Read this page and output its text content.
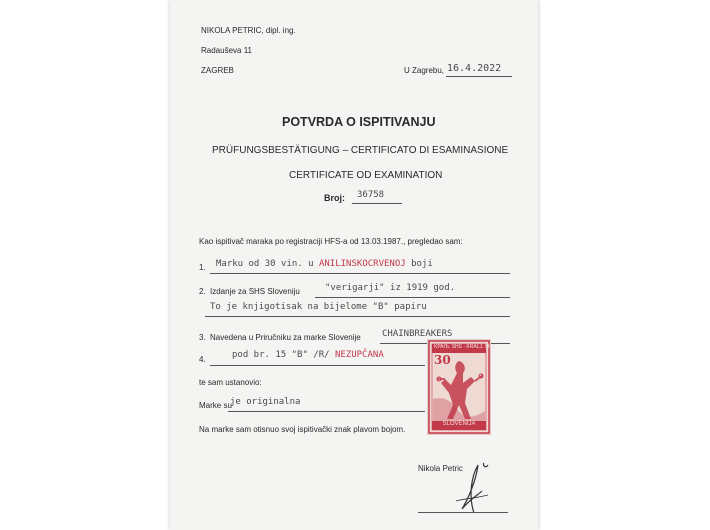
NIKOLA PETRIC, dipl. ing.
Radauševa 11
ZAGREB	U Zagrebu, 16.4.2022
POTVRDA O ISPITIVANJU
PRÜFUNGSBESTÄTIGUNG – CERTIFICATO DI ESAMINASIONE
CERTIFICATE OD EXAMINATION
Broj: 36758
Kao ispitivač maraka po registraciji HFS-a od 13.03.1987., pregledao sam:
1. Marku od 30 vin. u ANILINSKOCRVENOJ boji
2. Izdanje za SHS Sloveniju	"verigarji" iz 1919 god.
To je knjigotisak na bijelome "B" papiru
3. Navedena u Priručniku za marke Slovenije CHAINBREAKERS
4.	pod br. 15 "B" /R/ NEZUPČANA
te sam ustanovio:
Marke su
je originalna
Na marke sam otisnuo svoj ispitivački znak plavom bojom.
KPAЉ. SHS · KRALJ. SHS
30
SLOVENIJA
Nikola Petric
